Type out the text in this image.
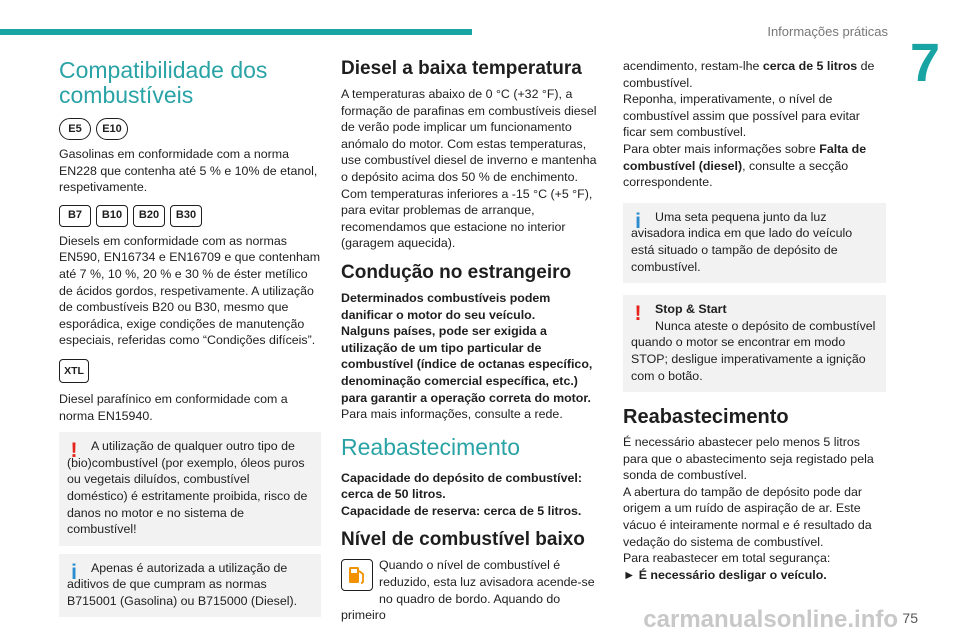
Informações práticas
7
Compatibilidade dos combustíveis
E5	E10

Gasolinas em conformidade com a norma EN228 que contenha até 5 % e 10% de etanol, respetivamente.

B7	B10	B20	B30

Diesels em conformidade com as normas EN590, EN16734 e EN16709 e que contenham até 7 %, 10 %, 20 % e 30 % de éster metílico de ácidos gordos, respetivamente. A utilização de combustíveis B20 ou B30, mesmo que esporádica, exige condições de manutenção especiais, referidas como “Condições difíceis”.

XTL

Diesel parafínico em conformidade com a norma EN15940.

!	A utilização de qualquer outro tipo de (bio)combustível (por exemplo, óleos puros ou vegetais diluídos, combustível doméstico) é estritamente proibida, risco de danos no motor e no sistema de combustível!

i	Apenas é autorizada a utilização de aditivos de que cumpram as normas B715001 (Gasolina) ou B715000 (Diesel).

Diesel a baixa temperatura

A temperaturas abaixo de 0 °C (+32 °F), a formação de parafinas em combustíveis diesel de verão pode implicar um funcionamento anómalo do motor. Com estas temperaturas, use combustível diesel de inverno e mantenha o depósito acima dos 50 % de enchimento.

Com temperaturas inferiores a -15 °C (+5 °F), para evitar problemas de arranque, recomendamos que estacione no interior (garagem aquecida).

Condução no estrangeiro

Determinados combustíveis podem danificar o motor do seu veículo.

Nalguns países, pode ser exigida a utilização de um tipo particular de combustível (índice de octanas específico, denominação comercial específica, etc.) para garantir a operação correta do motor.

Para mais informações, consulte a rede.

Reabastecimento

Capacidade do depósito de combustível: cerca de 50 litros.

Capacidade de reserva: cerca de 5 litros.

Nível de combustível baixo

Quando o nível de combustível é reduzido, esta luz avisadora acende-se no quadro de bordo. Aquando do primeiro

acendimento, restam-lhe cerca de 5 litros de combustível.

Reponha, imperativamente, o nível de combustível assim que possível para evitar ficar sem combustível.

Para obter mais informações sobre Falta de combustível (diesel), consulte a secção correspondente.

i	Uma seta pequena junto da luz avisadora indica em que lado do veículo está situado o tampão de depósito de combustível.

!	Stop & Start

Nunca ateste o depósito de combustível quando o motor se encontrar em modo STOP; desligue imperativamente a ignição com o botão.

Reabastecimento

É necessário abastecer pelo menos 5 litros para que o abastecimento seja registado pela sonda de combustível.

A abertura do tampão de depósito pode dar origem a um ruído de aspiração de ar. Este vácuo é inteiramente normal e é resultado da vedação do sistema de combustível.

Para reabastecer em total segurança:

► É necessário desligar o veículo.

carmanualsonline.info 75
